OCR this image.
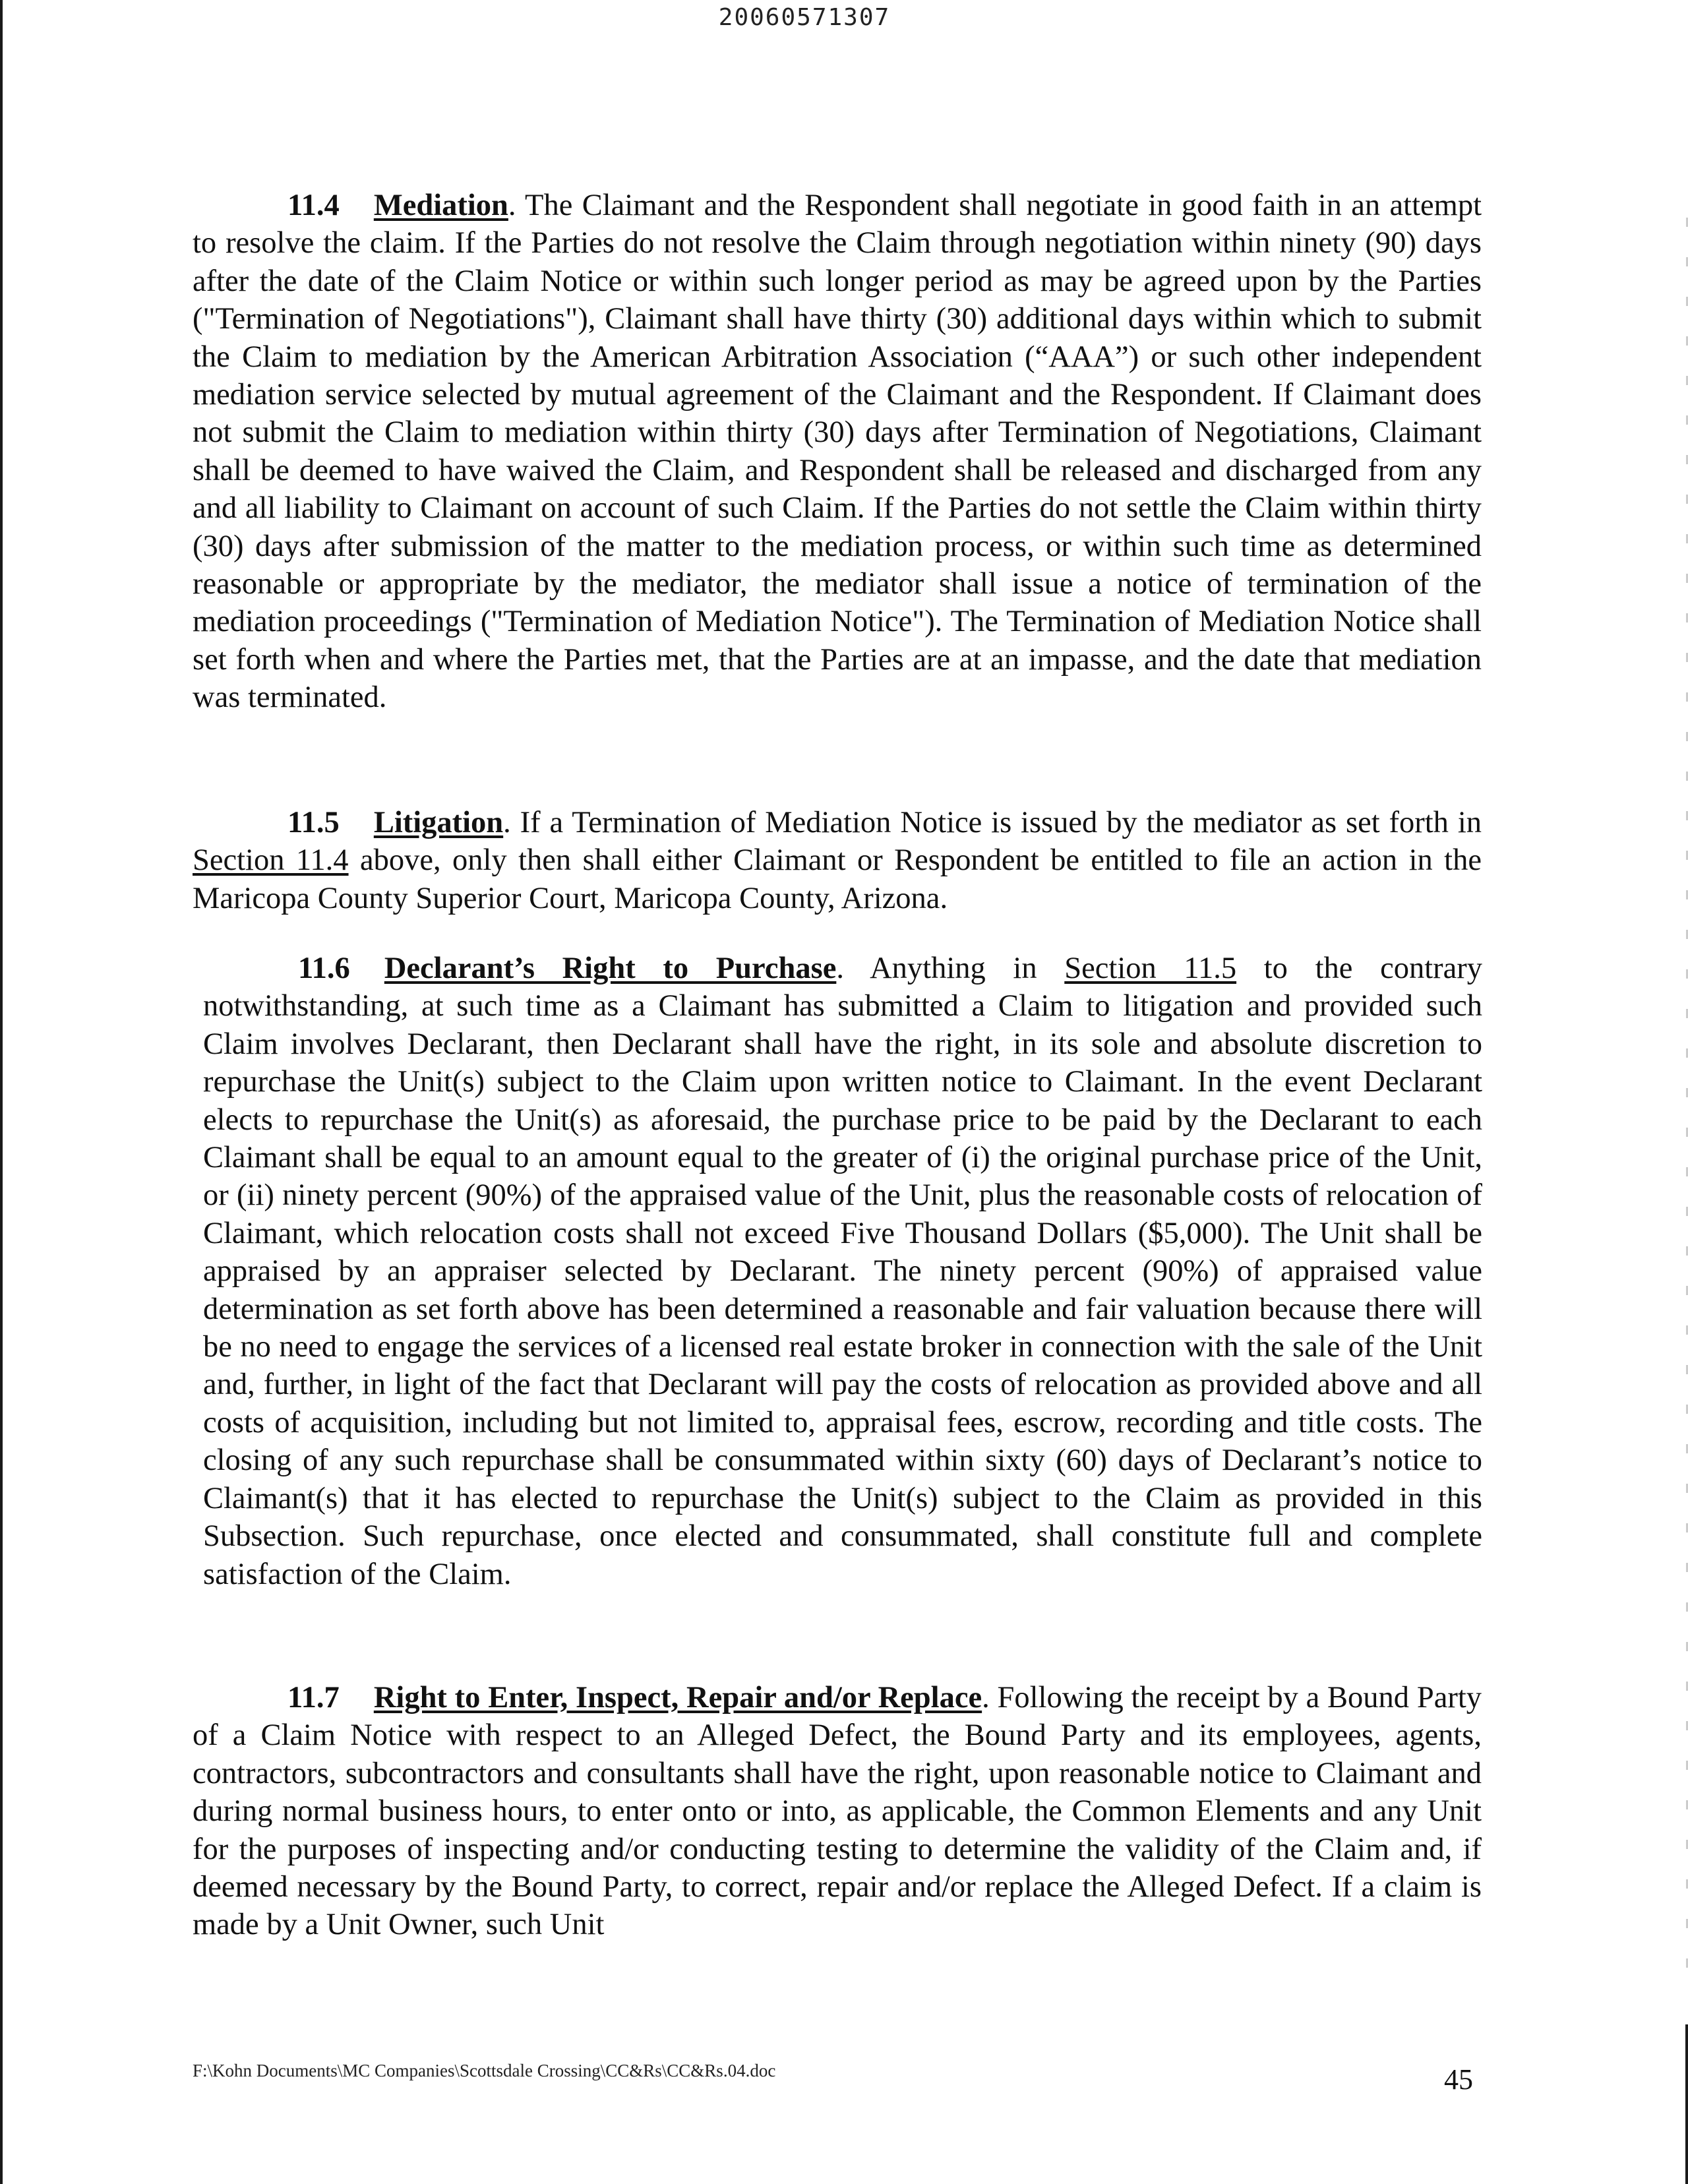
20060571307

11.4 Mediation. The Claimant and the Respondent shall negotiate in good faith in an attempt to resolve the claim. If the Parties do not resolve the Claim through negotiation within ninety (90) days after the date of the Claim Notice or within such longer period as may be agreed upon by the Parties ("Termination of Negotiations"), Claimant shall have thirty (30) additional days within which to submit the Claim to mediation by the American Arbitration Association (“AAA”) or such other independent mediation service selected by mutual agreement of the Claimant and the Respondent. If Claimant does not submit the Claim to mediation within thirty (30) days after Termination of Negotiations, Claimant shall be deemed to have waived the Claim, and Respondent shall be released and discharged from any and all liability to Claimant on account of such Claim. If the Parties do not settle the Claim within thirty (30) days after submission of the matter to the mediation process, or within such time as determined reasonable or appropriate by the mediator, the mediator shall issue a notice of termination of the mediation proceedings ("Termination of Mediation Notice"). The Termination of Mediation Notice shall set forth when and where the Parties met, that the Parties are at an impasse, and the date that mediation was terminated.

11.5 Litigation. If a Termination of Mediation Notice is issued by the mediator as set forth in Section 11.4 above, only then shall either Claimant or Respondent be entitled to file an action in the Maricopa County Superior Court, Maricopa County, Arizona.

11.6 Declarant’s Right to Purchase. Anything in Section 11.5 to the contrary notwithstanding, at such time as a Claimant has submitted a Claim to litigation and provided such Claim involves Declarant, then Declarant shall have the right, in its sole and absolute discretion to repurchase the Unit(s) subject to the Claim upon written notice to Claimant. In the event Declarant elects to repurchase the Unit(s) as aforesaid, the purchase price to be paid by the Declarant to each Claimant shall be equal to an amount equal to the greater of (i) the original purchase price of the Unit, or (ii) ninety percent (90%) of the appraised value of the Unit, plus the reasonable costs of relocation of Claimant, which relocation costs shall not exceed Five Thousand Dollars ($5,000). The Unit shall be appraised by an appraiser selected by Declarant. The ninety percent (90%) of appraised value determination as set forth above has been determined a reasonable and fair valuation because there will be no need to engage the services of a licensed real estate broker in connection with the sale of the Unit and, further, in light of the fact that Declarant will pay the costs of relocation as provided above and all costs of acquisition, including but not limited to, appraisal fees, escrow, recording and title costs. The closing of any such repurchase shall be consummated within sixty (60) days of Declarant’s notice to Claimant(s) that it has elected to repurchase the Unit(s) subject to the Claim as provided in this Subsection. Such repurchase, once elected and consummated, shall constitute full and complete satisfaction of the Claim.

11.7 Right to Enter, Inspect, Repair and/or Replace. Following the receipt by a Bound Party of a Claim Notice with respect to an Alleged Defect, the Bound Party and its employees, agents, contractors, subcontractors and consultants shall have the right, upon reasonable notice to Claimant and during normal business hours, to enter onto or into, as applicable, the Common Elements and any Unit for the purposes of inspecting and/or conducting testing to determine the validity of the Claim and, if deemed necessary by the Bound Party, to correct, repair and/or replace the Alleged Defect. If a claim is made by a Unit Owner, such Unit

F:\Kohn Documents\MC Companies\Scottsdale Crossing\CC&Rs\CC&Rs.04.doc	45
